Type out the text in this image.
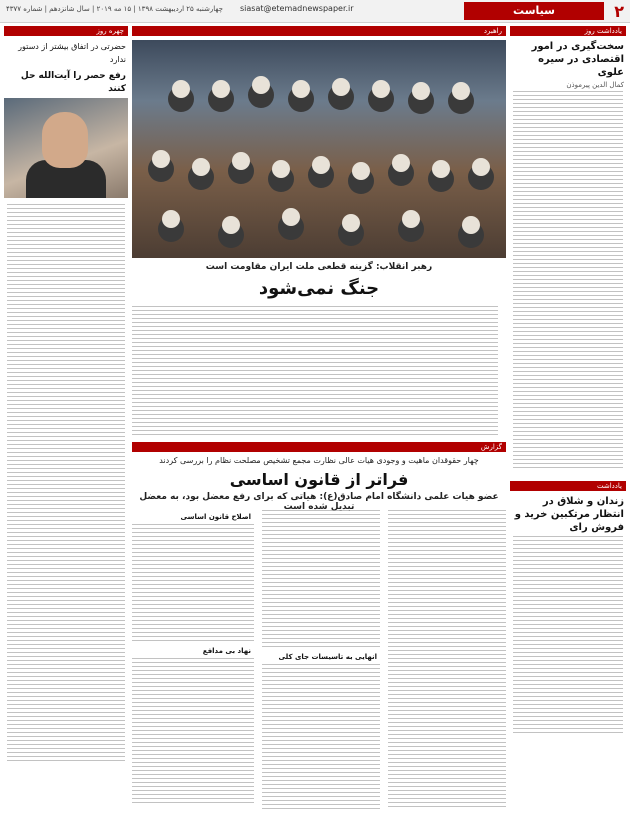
۲
سیاست
siasat@etemadnewspaper.ir
چهارشنبه ۲۵ اردیبهشت ۱۳۹۸ | ۱۵ مه ۲۰۱۹ | سال شانزدهم | شماره ۴۳۷۷
یادداشت روز
سخت‌گیری در امور اقتصادی در سیره علوی
کمال الدین پیرموذن
یادداشت
زندان و شلاق در انتظار مرتکبین خرید و فروش رای
چهره روز
حضرتی در اتفاق بیشتر از دستور ندارد
رفع حصر را آیت‌الله حل کنند
راهبرد
رهبر انقلاب: گزینه قطعی ملت ایران مقاومت است
جنگ نمی‌شود
گزارش
چهار حقوقدان ماهیت و وجودی هیات عالی نظارت مجمع تشخیص مصلحت نظام را بررسی کردند
فراتر از قانون اساسی
عضو هیات علمی دانشگاه امام صادق(ع): هیاتی که برای رفع معضل بود، به معضل تبدیل شده است
انهایی به تاسیسات جای کلی
اصلاح قانون اساسی
نهاد بی مدافع
